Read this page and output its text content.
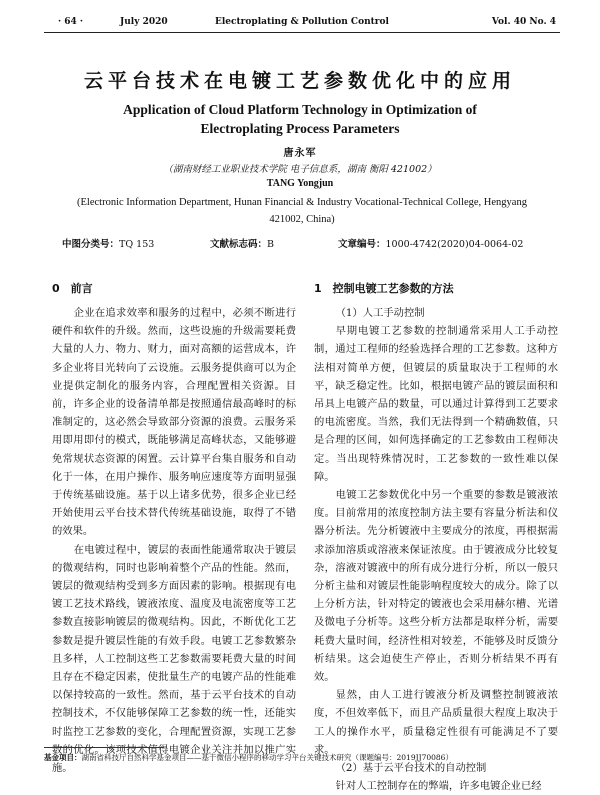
· 64 ·	July 2020	Electroplating & Pollution Control	Vol. 40 No. 4
云平台技术在电镀工艺参数优化中的应用
Application of Cloud Platform Technology in Optimization of Electroplating Process Parameters
唐永军
（湖南财经工业职业技术学院 电子信息系，湖南 衡阳 421002）
TANG Yongjun
(Electronic Information Department, Hunan Financial & Industry Vocational-Technical College, Hengyang 421002, China)
中图分类号：TQ 153	文献标志码：B	文章编号：1000-4742(2020)04-0064-02
0　前言

企业在追求效率和服务的过程中，必须不断进行硬件和软件的升级。然而，这些设施的升级需要耗费大量的人力、物力、财力，面对高额的运营成本，许多企业将目光转向了云设施。云服务提供商可以为企业提供定制化的服务内容，合理配置相关资源。目前，许多企业的设备清单都是按照通信最高峰时的标准制定的，这必然会导致部分资源的浪费。云服务采用即用即付的模式，既能够满足高峰状态，又能够避免常规状态资源的闲置。云计算平台集自服务和自动化于一体，在用户操作、服务响应速度等方面明显强于传统基础设施。基于以上诸多优势，很多企业已经开始使用云平台技术替代传统基础设施，取得了不错的效果。

在电镀过程中，镀层的表面性能通常取决于镀层的微观结构，同时也影响着整个产品的性能。然而，镀层的微观结构受到多方面因素的影响。根据现有电镀工艺技术路线，镀液浓度、温度及电流密度等工艺参数直接影响镀层的微观结构。因此，不断优化工艺参数是提升镀层性能的有效手段。电镀工艺参数繁杂且多样，人工控制这些工艺参数需要耗费大量的时间且存在不稳定因素，使批量生产的电镀产品的性能难以保持较高的一致性。然而，基于云平台技术的自动控制技术，不仅能够保障工艺参数的统一性，还能实时监控工艺参数的变化，合理配置资源，实现工艺参数的优化。该项技术值得电镀企业关注并加以推广实施。

1　控制电镀工艺参数的方法

（1）人工手动控制

早期电镀工艺参数的控制通常采用人工手动控制，通过工程师的经验选择合理的工艺参数。这种方法相对简单方便，但镀层的质量取决于工程师的水平，缺乏稳定性。比如，根据电镀产品的镀层面积和吊具上电镀产品的数量，可以通过计算得到工艺要求的电流密度。当然，我们无法得到一个精确数值，只是合理的区间，如何选择确定的工艺参数由工程师决定。当出现特殊情况时，工艺参数的一致性难以保障。

电镀工艺参数优化中另一个重要的参数是镀液浓度。目前常用的浓度控制方法主要有容量分析法和仪器分析法。先分析镀液中主要成分的浓度，再根据需求添加溶质或溶液来保证浓度。由于镀液成分比较复杂，溶液对镀液中的所有成分进行分析，所以一般只分析主盐和对镀层性能影响程度较大的成分。除了以上分析方法，针对特定的镀液也会采用赫尔槽、光谱及微电子分析等。这些分析方法都是取样分析，需要耗费大量时间，经济性相对较差，不能够及时反馈分析结果。这会迫使生产停止，否则分析结果不再有效。

显然，由人工进行镀液分析及调整控制镀液浓度，不但效率低下，而且产品质量很大程度上取决于工人的操作水平，质量稳定性很有可能满足不了要求。

（2）基于云平台技术的自动控制

针对人工控制存在的弊端，许多电镀企业已经

基金项目：湖南省科技厅自然科学基金项目——基于微信小程序的移动学习平台关键技术研究（课题编号：2019JJ70086）
